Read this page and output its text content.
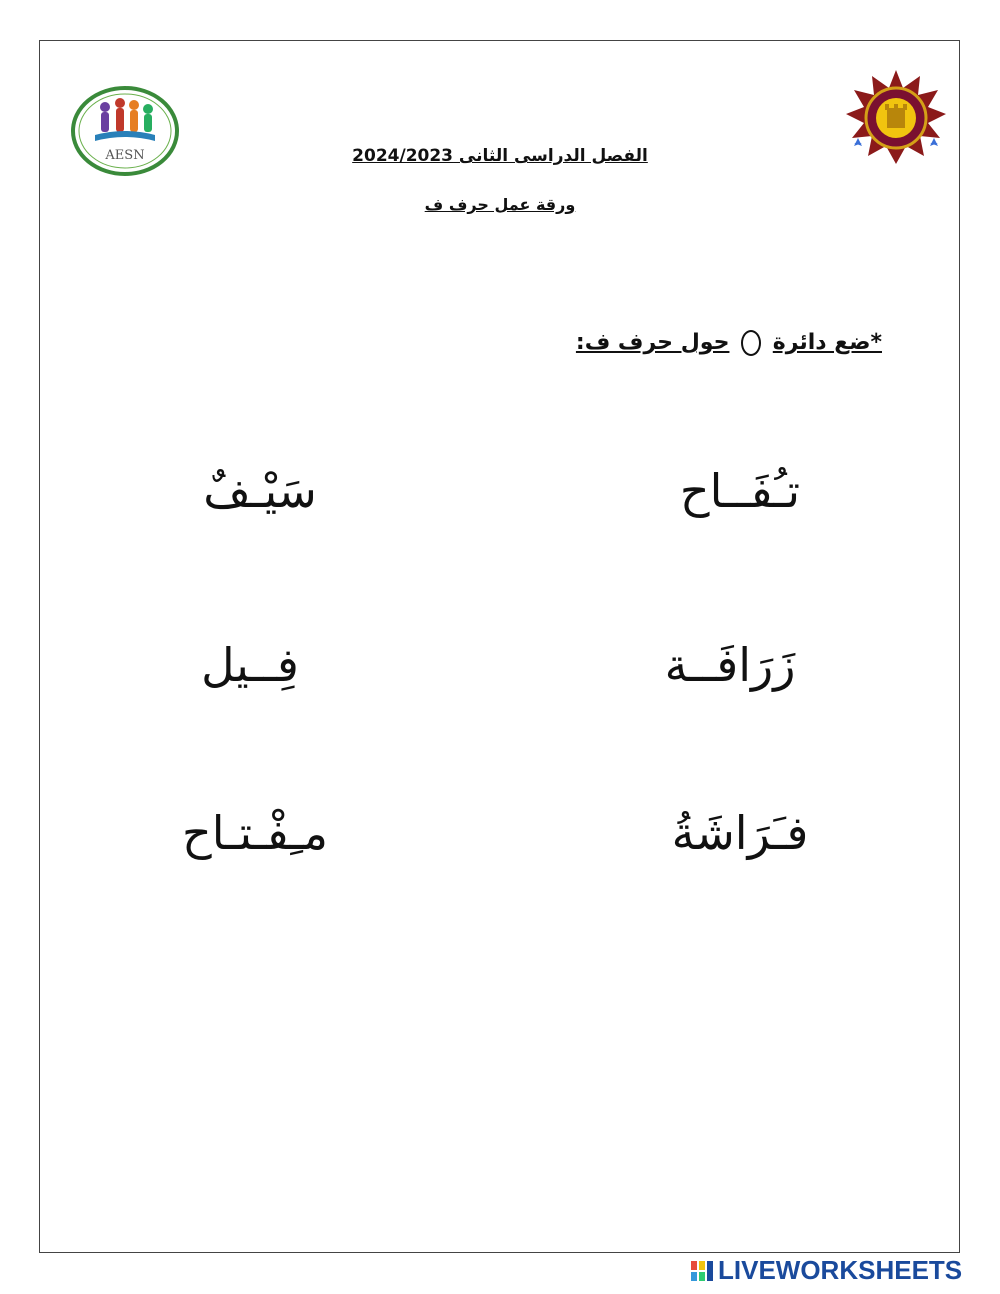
AESN	الفصل الدراسى الثانى 2024/2023
ورقة عمل حرف ف
*ضع دائرة  حول حرف ف:
تـُفَــاح
سَيْـفٌ
زَرَافَــة
فِــيل
فـَرَاشَةُ
مـِفْـتـاح
LIVEWORKSHEETS
